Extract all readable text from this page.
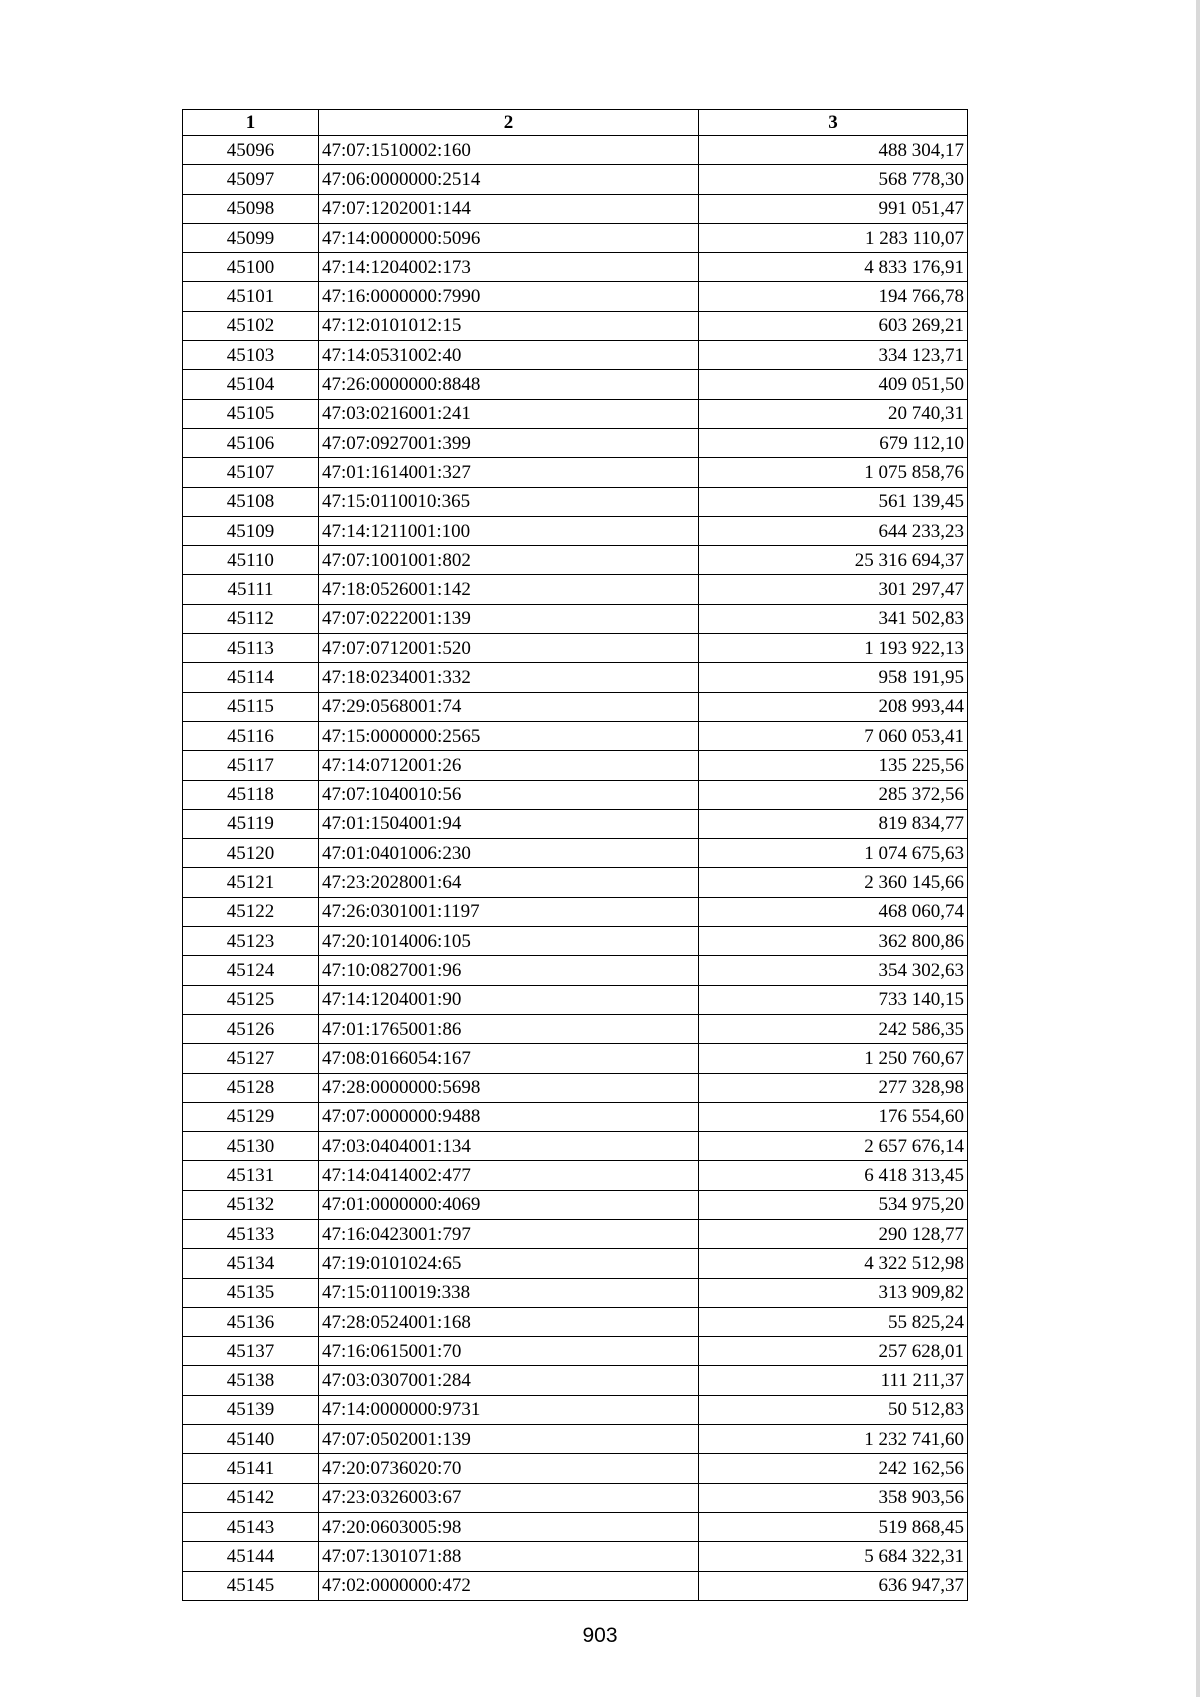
1	2	3
45096	47:07:1510002:160	488 304,17
45097	47:06:0000000:2514	568 778,30
45098	47:07:1202001:144	991 051,47
45099	47:14:0000000:5096	1 283 110,07
45100	47:14:1204002:173	4 833 176,91
45101	47:16:0000000:7990	194 766,78
45102	47:12:0101012:15	603 269,21
45103	47:14:0531002:40	334 123,71
45104	47:26:0000000:8848	409 051,50
45105	47:03:0216001:241	20 740,31
45106	47:07:0927001:399	679 112,10
45107	47:01:1614001:327	1 075 858,76
45108	47:15:0110010:365	561 139,45
45109	47:14:1211001:100	644 233,23
45110	47:07:1001001:802	25 316 694,37
45111	47:18:0526001:142	301 297,47
45112	47:07:0222001:139	341 502,83
45113	47:07:0712001:520	1 193 922,13
45114	47:18:0234001:332	958 191,95
45115	47:29:0568001:74	208 993,44
45116	47:15:0000000:2565	7 060 053,41
45117	47:14:0712001:26	135 225,56
45118	47:07:1040010:56	285 372,56
45119	47:01:1504001:94	819 834,77
45120	47:01:0401006:230	1 074 675,63
45121	47:23:2028001:64	2 360 145,66
45122	47:26:0301001:1197	468 060,74
45123	47:20:1014006:105	362 800,86
45124	47:10:0827001:96	354 302,63
45125	47:14:1204001:90	733 140,15
45126	47:01:1765001:86	242 586,35
45127	47:08:0166054:167	1 250 760,67
45128	47:28:0000000:5698	277 328,98
45129	47:07:0000000:9488	176 554,60
45130	47:03:0404001:134	2 657 676,14
45131	47:14:0414002:477	6 418 313,45
45132	47:01:0000000:4069	534 975,20
45133	47:16:0423001:797	290 128,77
45134	47:19:0101024:65	4 322 512,98
45135	47:15:0110019:338	313 909,82
45136	47:28:0524001:168	55 825,24
45137	47:16:0615001:70	257 628,01
45138	47:03:0307001:284	111 211,37
45139	47:14:0000000:9731	50 512,83
45140	47:07:0502001:139	1 232 741,60
45141	47:20:0736020:70	242 162,56
45142	47:23:0326003:67	358 903,56
45143	47:20:0603005:98	519 868,45
45144	47:07:1301071:88	5 684 322,31
45145	47:02:0000000:472	636 947,37
903
